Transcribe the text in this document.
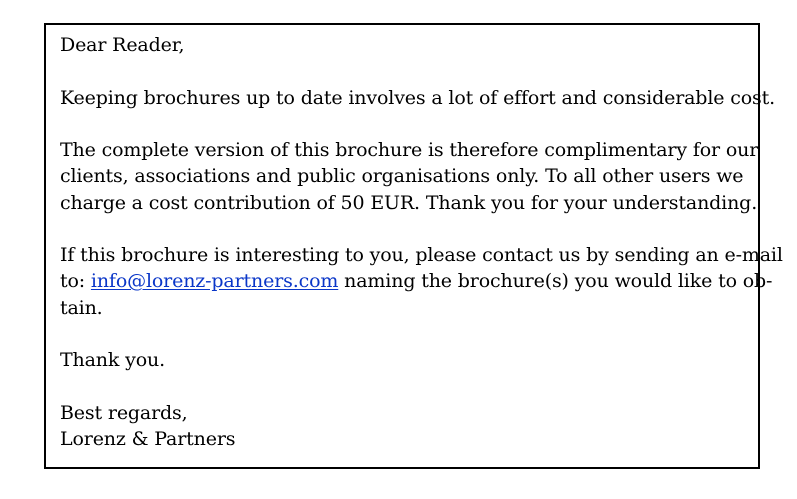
Dear Reader,
Keeping brochures up to date involves a lot of effort and considerable cost.
The complete version of this brochure is therefore complimentary for our
clients, associations and public organisations only. To all other users we
charge a cost contribution of 50 EUR. Thank you for your understanding.
If this brochure is interesting to you, please contact us by sending an e-mail
to: info@lorenz-partners.com naming the brochure(s) you would like to ob-
tain.
Thank you.
Best regards,
Lorenz & Partners
